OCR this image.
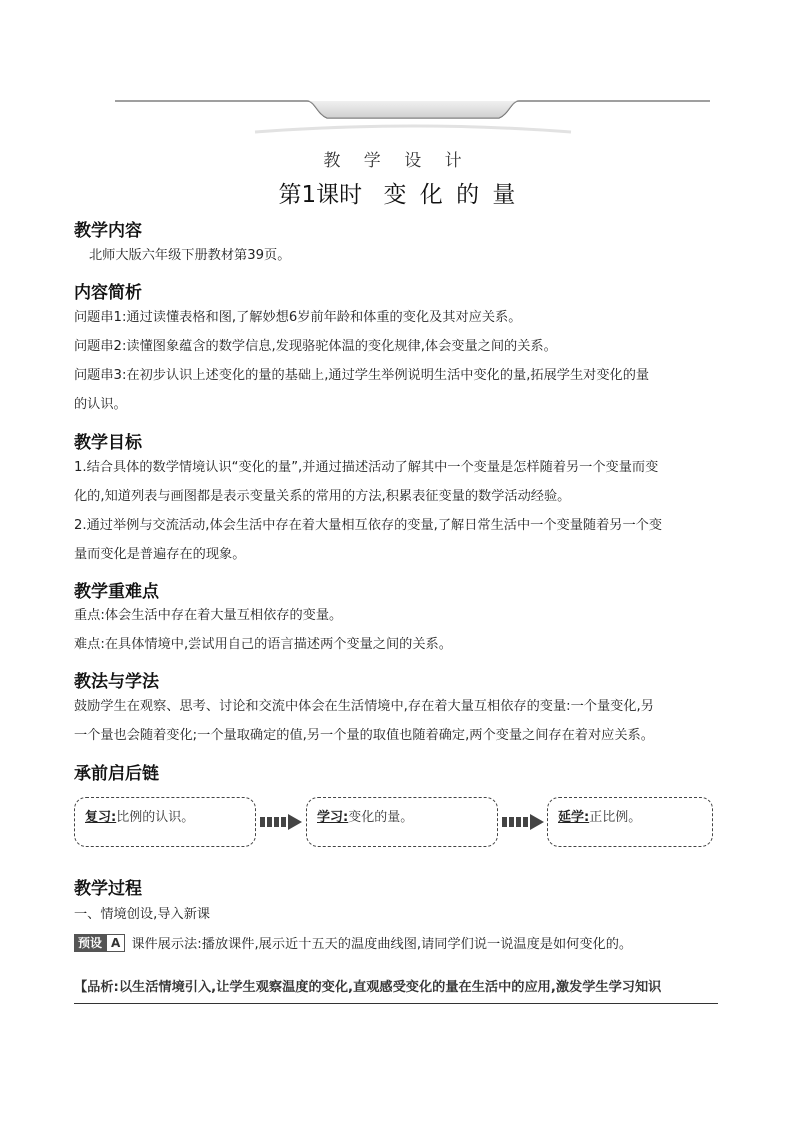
教 学 设 计
第1课时 变 化 的 量
教学内容

北师大版六年级下册教材第39页。

内容简析

问题串1:通过读懂表格和图,了解妙想6岁前年龄和体重的变化及其对应关系。

问题串2:读懂图象蕴含的数学信息,发现骆驼体温的变化规律,体会变量之间的关系。

问题串3:在初步认识上述变化的量的基础上,通过学生举例说明生活中变化的量,拓展学生对变化的量

的认识。

教学目标

1.结合具体的数学情境认识“变化的量”,并通过描述活动了解其中一个变量是怎样随着另一个变量而变

化的,知道列表与画图都是表示变量关系的常用的方法,积累表征变量的数学活动经验。

2.通过举例与交流活动,体会生活中存在着大量相互依存的变量,了解日常生活中一个变量随着另一个变

量而变化是普遍存在的现象。

教学重难点

重点:体会生活中存在着大量互相依存的变量。

难点:在具体情境中,尝试用自己的语言描述两个变量之间的关系。

教法与学法

鼓励学生在观察、思考、讨论和交流中体会在生活情境中,存在着大量互相依存的变量:一个量变化,另

一个量也会随着变化;一个量取确定的值,另一个量的取值也随着确定,两个变量之间存在着对应关系。

承前启后链
复习:比例的认识。	学习:变化的量。	延学:正比例。
教学过程

一、情境创设,导入新课

预设 A 课件展示法:播放课件,展示近十五天的温度曲线图,请同学们说一说温度是如何变化的。

【品析:以生活情境引入,让学生观察温度的变化,直观感受变化的量在生活中的应用,激发学生学习知识
